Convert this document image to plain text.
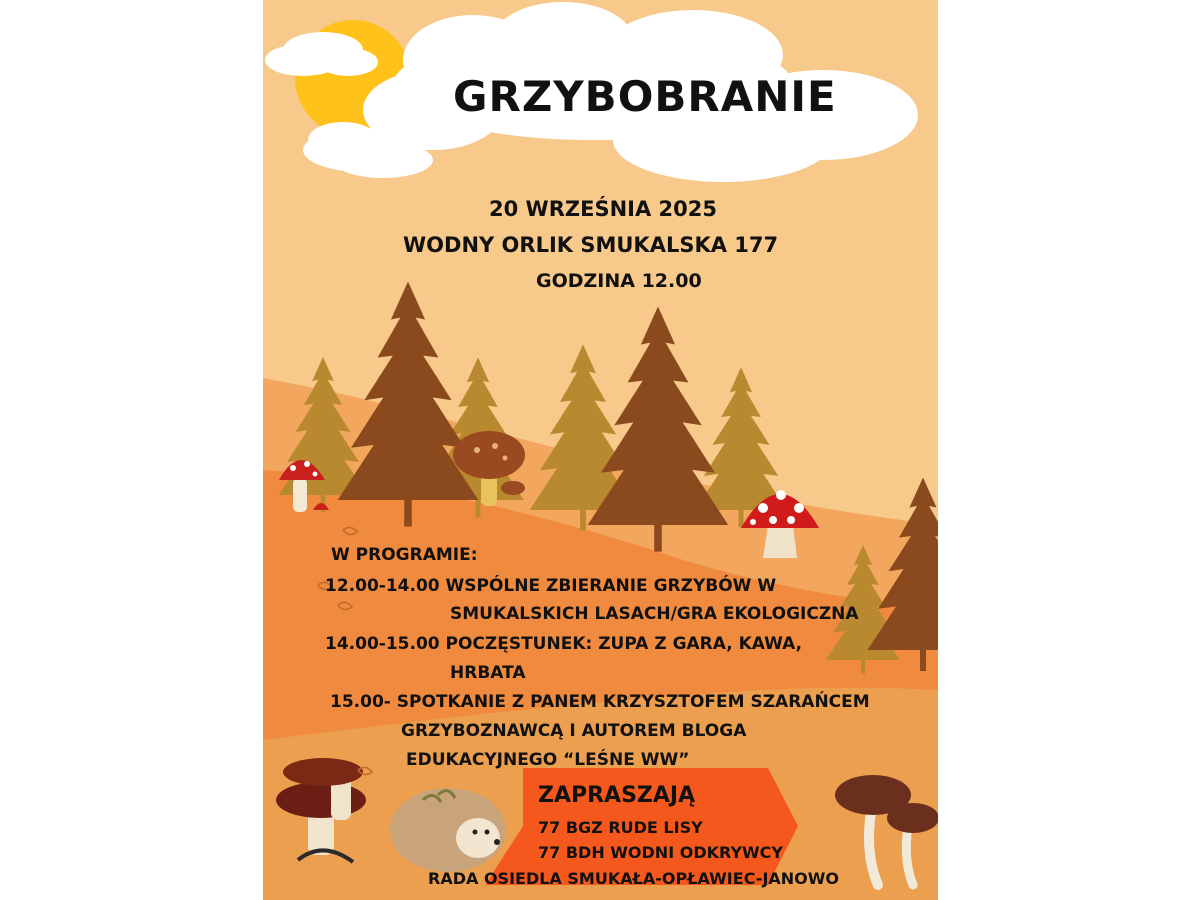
GRZYBOBRANIE
20 WRZEŚNIA 2025
WODNY ORLIK SMUKALSKA 177
GODZINA 12.00
W PROGRAMIE:
12.00-14.00 WSPÓLNE ZBIERANIE GRZYBÓW W
SMUKALSKICH LASACH/GRA EKOLOGICZNA
14.00-15.00 POCZĘSTUNEK: ZUPA Z GARA, KAWA,
HRBATA
15.00- SPOTKANIE Z PANEM KRZYSZTOFEM SZARAŃCEM
GRZYBOZNAWCĄ I AUTOREM BLOGA
EDUKACYJNEGO “LEŚNE WW”
ZAPRASZAJĄ
77 BGZ RUDE LISY
77 BDH WODNI ODKRYWCY
RADA OSIEDLA SMUKAŁA-OPŁAWIEC-JANOWO
